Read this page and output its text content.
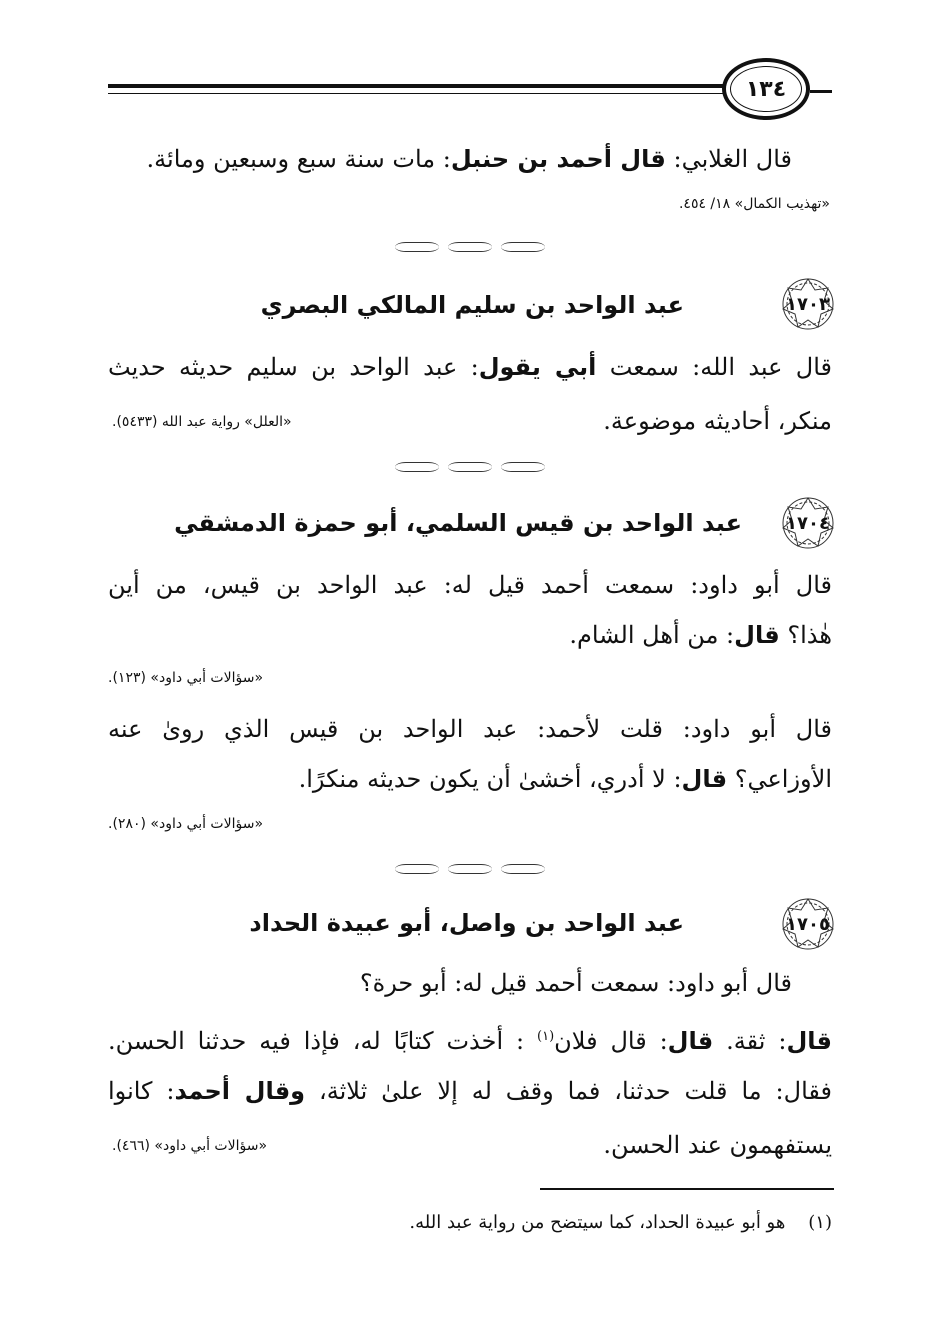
١٣٤
قال الغلابي: قال أحمد بن حنبل: مات سنة سبع وسبعين ومائة.
«تهذيب الكمال» ١٨/ ٤٥٤.
١٧٠٣
عبد الواحد بن سليم المالكي البصري
قال عبد الله: سمعت أبي يقول: عبد الواحد بن سليم حديثه حديث
منكر، أحاديثه موضوعة.
«العلل» رواية عبد الله (٥٤٣٣).
١٧٠٤
عبد الواحد بن قيس السلمي، أبو حمزة الدمشقي
قال أبو داود: سمعت أحمد قيل له: عبد الواحد بن قيس، من أين
هٰذا؟ قال: من أهل الشام.
«سؤالات أبي داود» (١٢٣).
قال أبو داود: قلت لأحمد: عبد الواحد بن قيس الذي روىٰ عنه
الأوزاعي؟ قال: لا أدري، أخشىٰ أن يكون حديثه منكرًا.
«سؤالات أبي داود» (٢٨٠).
١٧٠٥
عبد الواحد بن واصل، أبو عبيدة الحداد
قال أبو داود: سمعت أحمد قيل له: أبو حرة؟
قال: ثقة. قال: قال فلان$^{(١)}$ : أخذت كتابًا له، فإذا فيه حدثنا الحسن.
فقال: ما قلت حدثنا، فما وقف له إلا علىٰ ثلاثة، وقال أحمد: كانوا
يستفهمون عند الحسن.
«سؤالات أبي داود» (٤٦٦).
(١)    هو أبو عبيدة الحداد، كما سيتضح من رواية عبد الله.
